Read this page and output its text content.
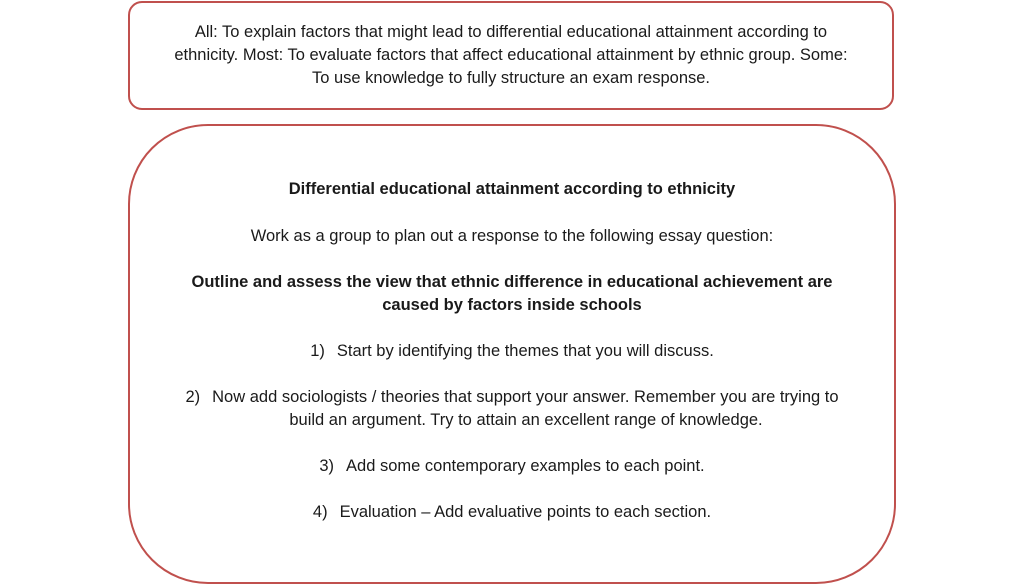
All: To explain factors that might lead to differential educational attainment according to
ethnicity. Most: To evaluate factors that affect educational attainment by ethnic group. Some:
To use knowledge to fully structure an exam response.

Differential educational attainment according to ethnicity

Work as a group to plan out a response to the following essay question:

Outline and assess the view that ethnic difference in educational achievement are

caused by factors inside schools

1) Start by identifying the themes that you will discuss.

2) Now add sociologists / theories that support your answer. Remember you are trying to

build an argument. Try to attain an excellent range of knowledge.

3) Add some contemporary examples to each point.

4) Evaluation – Add evaluative points to each section.
